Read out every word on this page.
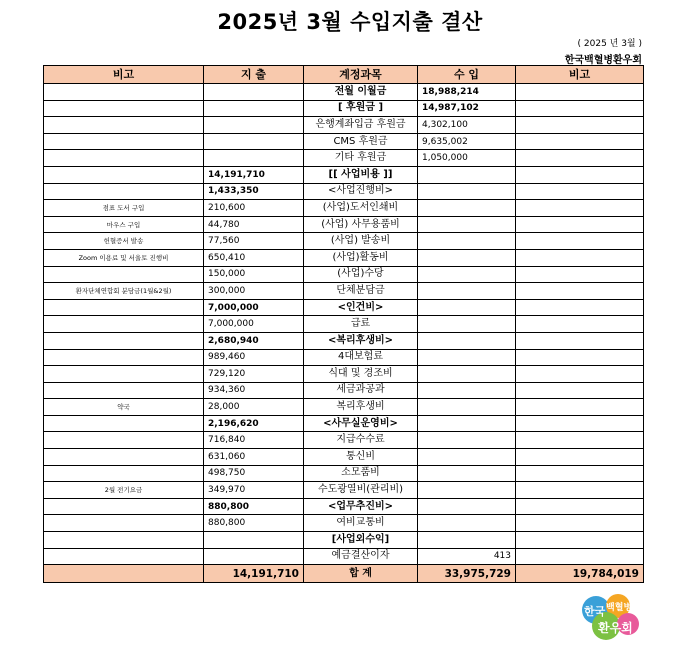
2025년 3월 수입지출 결산
( 2025 년 3월 )
한국백혈병환우회
비고	지 출	계정과목	수 입	비고
		전월 이월금	18,988,214	
		[ 후원금 ]	14,987,102	
		은행계좌입금 후원금	4,302,100	
		CMS 후원금	9,635,002	
		기타 후원금	1,050,000	
	14,191,710	[[ 사업비용 ]]		
	1,433,350	<사업진행비>		
점표 도서 구입	210,600	(사업)도서인쇄비		
마우스 구입	44,780	(사업) 사무용품비		
헌혈증서 발송	77,560	(사업) 발송비		
Zoom 이용료 및 서울토 진행비	650,410	(사업)활동비		
	150,000	(사업)수당		
환자단체연합회 분담금(1월&2월)	300,000	단체분담금		
	7,000,000	<인건비>		
	7,000,000	급료		
	2,680,940	<복리후생비>		
	989,460	4대보험료		
	729,120	식대 및 경조비		
	934,360	세금과공과		
약국	28,000	복리후생비		
	2,196,620	<사무실운영비>		
	716,840	지급수수료		
	631,060	통신비		
	498,750	소모품비		
2월 전기요금	349,970	수도광열비(관리비)		
	880,800	<업무추진비>		
	880,800	여비교통비		
		[사업외수익]		
		예금결산이자	413	
	14,191,710	합 계	33,975,729	19,784,019
한국 백혈병
환우회
